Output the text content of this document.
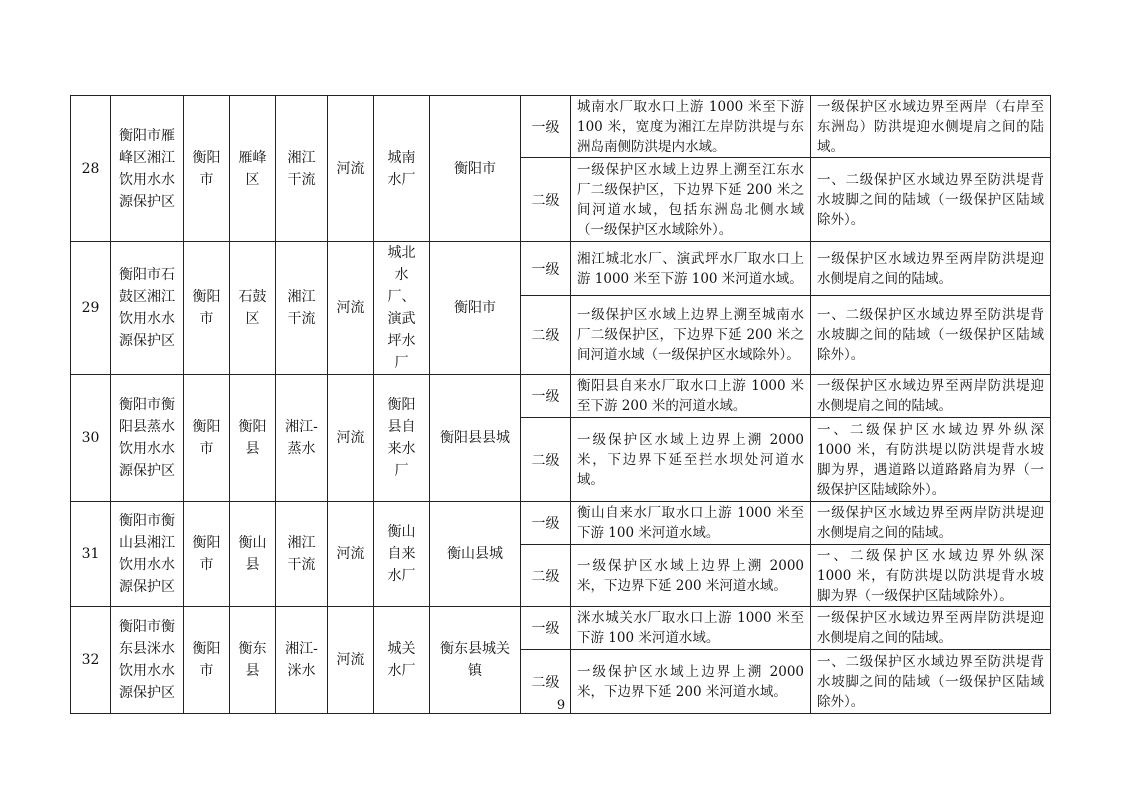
28	衡阳市雁峰区湘江饮用水水源保护区	衡阳市	雁峰区	湘江干流	河流	城南水厂	衡阳市	一级	城南水厂取水口上游 1000 米至下游 100 米，宽度为湘江左岸防洪堤与东洲岛南侧防洪堤内水域。	一级保护区水域边界至两岸（右岸至东洲岛）防洪堤迎水侧堤肩之间的陆域。
								二级	一级保护区水域上边界上溯至江东水厂二级保护区，下边界下延 200 米之间河道水域，包括东洲岛北侧水域（一级保护区水域除外）。	一、二级保护区水域边界至防洪堤背水坡脚之间的陆域（一级保护区陆域除外）。
29	衡阳市石鼓区湘江饮用水水源保护区	衡阳市	石鼓区	湘江干流	河流	城北水厂、演武坪水厂	衡阳市	一级	湘江城北水厂、演武坪水厂取水口上游 1000 米至下游 100 米河道水域。	一级保护区水域边界至两岸防洪堤迎水侧堤肩之间的陆域。
								二级	一级保护区水域上边界上溯至城南水厂二级保护区，下边界下延 200 米之间河道水域（一级保护区水域除外）。	一、二级保护区水域边界至防洪堤背水坡脚之间的陆域（一级保护区陆域除外）。
30	衡阳市衡阳县蒸水饮用水水源保护区	衡阳市	衡阳县	湘江-蒸水	河流	衡阳县自来水厂	衡阳县县城	一级	衡阳县自来水厂取水口上游 1000 米至下游 200 米的河道水域。	一级保护区水域边界至两岸防洪堤迎水侧堤肩之间的陆域。
								二级	一级保护区水域上边界上溯 2000 米，下边界下延至拦水坝处河道水域。	一、二级保护区水域边界外纵深 1000 米，有防洪堤以防洪堤背水坡脚为界，遇道路以道路路肩为界（一级保护区陆域除外）。
31	衡阳市衡山县湘江饮用水水源保护区	衡阳市	衡山县	湘江干流	河流	衡山自来水厂	衡山县城	一级	衡山自来水厂取水口上游 1000 米至下游 100 米河道水域。	一级保护区水域边界至两岸防洪堤迎水侧堤肩之间的陆域。
								二级	一级保护区水域上边界上溯 2000 米，下边界下延 200 米河道水域。	一、二级保护区水域边界外纵深 1000 米，有防洪堤以防洪堤背水坡脚为界（一级保护区陆域除外）。
32	衡阳市衡东县洣水饮用水水源保护区	衡阳市	衡东县	湘江-洣水	河流	城关水厂	衡东县城关镇	一级	洣水城关水厂取水口上游 1000 米至下游 100 米河道水域。	一级保护区水域边界至两岸防洪堤迎水侧堤肩之间的陆域。
								二级	一级保护区水域上边界上溯 2000 米，下边界下延 200 米河道水域。	一、二级保护区水域边界至防洪堤背水坡脚之间的陆域（一级保护区陆域除外）。
9
